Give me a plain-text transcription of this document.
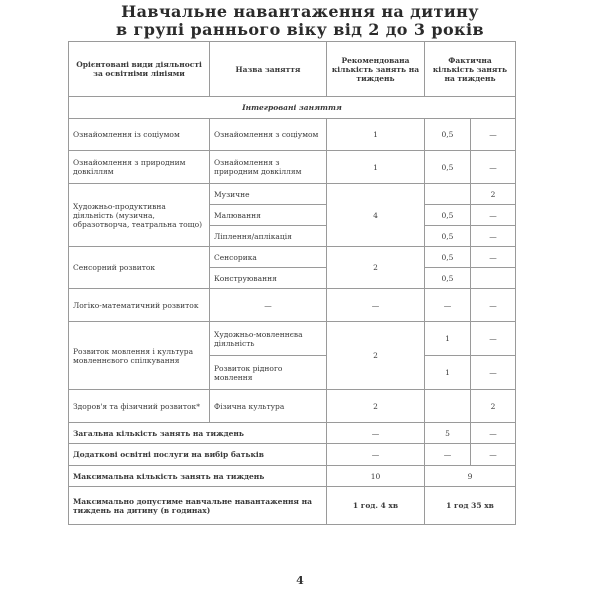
Навчальне навантаження на дитину
в групі раннього віку від 2 до 3 років
Орієнтовані види діяльності за освітніми лініями	Назва заняття	Рекомендована кількість занять на тиждень	Фактична кількість занять на тиждень	
Інтегровані заняття				
Ознайомлення із соціумом	Ознайомлення з соціумом	1	0,5	—
Ознайомлення з природним довкіллям	Ознайомлення з природним довкіллям	1	0,5	—
Художньо-продуктивна діяльність (музична, образотворча, театральна тощо)	Музичне	4		2
	Малювання		0,5	—
	Ліплення/аплікація		0,5	—
Сенсорний розвиток	Сенсорика	2	0,5	—
	Конструювання		0,5	
Логіко-математичний розвиток	—	—	—	—
Розвиток мовлення і культура мовленнєвого спілкування	Художньо-мовленнєва діяльність	2	1	—
	Розвиток рідного мовлення		1	—
Здоров'я та фізичний розвиток*	Фізична культура	2		2
Загальна кількість занять на тиждень		—	5	—
Додаткові освітні послуги на вибір батьків		—	—	—
Максимальна кількість занять на тиждень		10	9	
Максимально допустиме навчальне навантаження на тиждень на дитину (в годинах)		1 год. 4 хв	1 год 35 хв	
4
